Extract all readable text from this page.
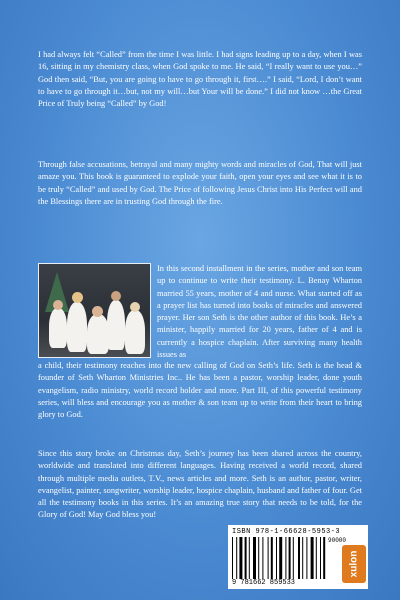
I had always felt “Called” from the time I was little. I had signs leading up to a day, when I was 16, sitting in my chemistry class, when God spoke to me. He said, “I really want to use you…” God then said, “But, you are going to have to go through it, first….” I said, “Lord, I don’t want to have to go through it…but, not my will…but Your will be done.” I did not know …the Great Price of Truly being “Called” by God!

Through false accusations, betrayal and many mighty words and miracles of God, That will just amaze you. This book is guaranteed to explode your faith, open your eyes and see what it is to be truly “Called” and used by God. The Price of following Jesus Christ into His Perfect will and the Blessings there are in trusting God through the fire.

In this second installment in the series, mother and son team up to continue to write their testimony. L. Benay Wharton married 55 years, mother of 4 and nurse. What started off as a prayer list has turned into books of miracles and answered prayer. Her son Seth is the other author of this book. He’s a minister, happily married for 20 years, father of 4 and is currently a hospice chaplain. After surviving many health issues as

a child, their testimony reaches into the new calling of God on Seth’s life. Seth is the head & founder of Seth Wharton Ministries Inc.. He has been a pastor, worship leader, done youth evangelism, radio ministry, world record holder and more. Part III, of this powerful testimony series, will bless and encourage you as mother & son team up to write from their heart to bring glory to God.

Since this story broke on Christmas day, Seth’s journey has been shared across the country, worldwide and translated into different languages. Having received a world record, shared through multiple media outlets, T.V., news articles and more. Seth is an author, pastor, writer, evangelist, painter, songwriter, worship leader, hospice chaplain, husband and father of four. Get all the testimony books in this series. It’s an amazing true story that needs to be told, for the Glory of God! May God bless you!

ISBN 978-1-66628-5953-3
90000
9 781662 859533
xulon
